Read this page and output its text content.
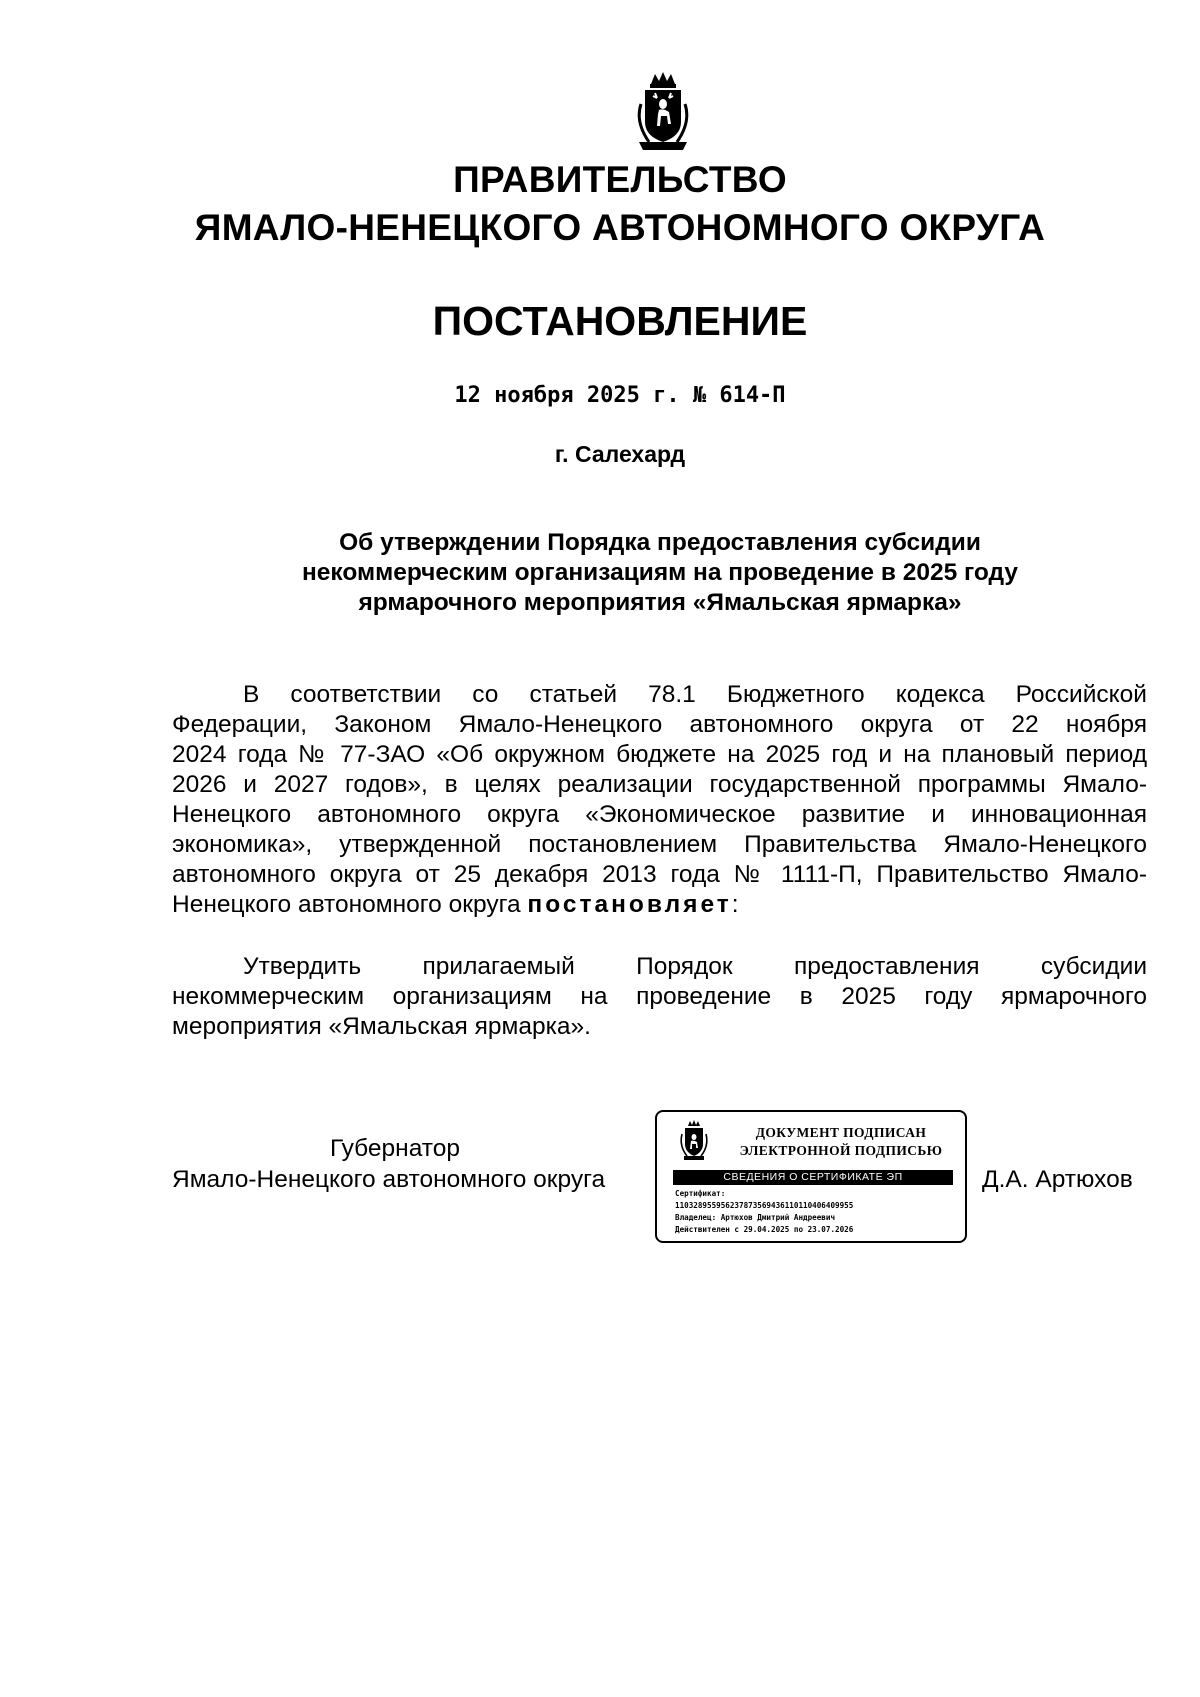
ПРАВИТЕЛЬСТВО
ЯМАЛО-НЕНЕЦКОГО АВТОНОМНОГО ОКРУГА
ПОСТАНОВЛЕНИЕ
12 ноября 2025 г. № 614-П
г. Салехард
Об утверждении Порядка предоставления субсидии
некоммерческим организациям на проведение в 2025 году
ярмарочного мероприятия «Ямальская ярмарка»
В соответствии со статьей 78.1 Бюджетного кодекса Российской
Федерации, Законом Ямало-Ненецкого автономного округа от 22 ноября
2024 года № 77-ЗАО «Об окружном бюджете на 2025 год и на плановый период
2026 и 2027 годов», в целях реализации государственной программы Ямало-
Ненецкого автономного округа «Экономическое развитие и инновационная
экономика», утвержденной постановлением Правительства Ямало-Ненецкого
автономного округа от 25 декабря 2013 года № 1111-П, Правительство Ямало-
Ненецкого автономного округа постановляет:
Утвердить прилагаемый Порядок предоставления субсидии
некоммерческим организациям на проведение в 2025 году ярмарочного
мероприятия «Ямальская ярмарка».
Губернатор
Ямало-Ненецкого автономного округа
ДОКУМЕНТ ПОДПИСАН
ЭЛЕКТРОННОЙ ПОДПИСЬЮ
СВЕДЕНИЯ О СЕРТИФИКАТЕ ЭП
Сертификат:
11032895595623787356943611011040640995​5
Владелец: Артюхов Дмитрий Андреевич
Действителен с 29.04.2025 по 23.07.2026
Д.А. Артюхов
